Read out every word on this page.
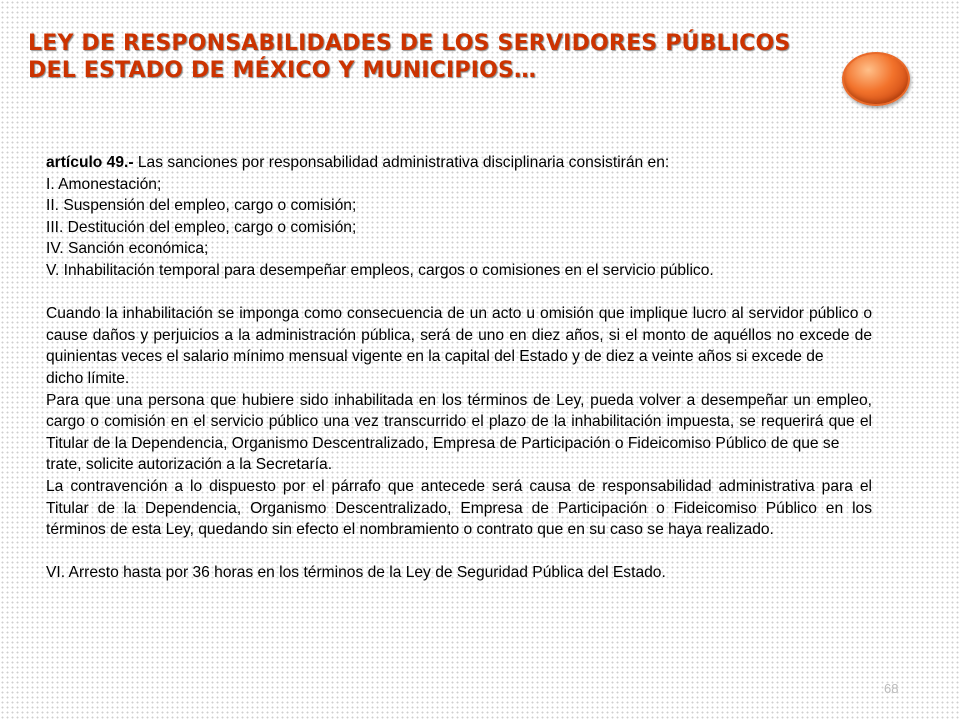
LEY DE RESPONSABILIDADES DE LOS SERVIDORES PÚBLICOS DEL ESTADO DE MÉXICO Y MUNICIPIOS…

artículo 49.- Las sanciones por responsabilidad administrativa disciplinaria consistirán en:

I. Amonestación;

II. Suspensión del empleo, cargo o comisión;

III. Destitución del empleo, cargo o comisión;

IV. Sanción económica;

V. Inhabilitación temporal para desempeñar empleos, cargos o comisiones en el servicio público.

Cuando la inhabilitación se imponga como consecuencia de un acto u omisión que implique lucro al servidor público o cause daños y perjuicios a la administración pública, será de uno en diez años, si el monto de aquéllos no excede de quinientas veces el salario mínimo mensual vigente en la capital del Estado y de diez a veinte años si excede de

dicho límite.

Para que una persona que hubiere sido inhabilitada en los términos de Ley, pueda volver a desempeñar un empleo, cargo o comisión en el servicio público una vez transcurrido el plazo de la inhabilitación impuesta, se requerirá que el Titular de la Dependencia, Organismo Descentralizado, Empresa de Participación o Fideicomiso Público de que se

trate, solicite autorización a la Secretaría.

La contravención a lo dispuesto por el párrafo que antecede será causa de responsabilidad administrativa para el Titular de la Dependencia, Organismo Descentralizado, Empresa de Participación o Fideicomiso Público en los términos de esta Ley, quedando sin efecto el nombramiento o contrato que en su caso se haya realizado.

VI. Arresto hasta por 36 horas en los términos de la Ley de Seguridad Pública del Estado.

68
